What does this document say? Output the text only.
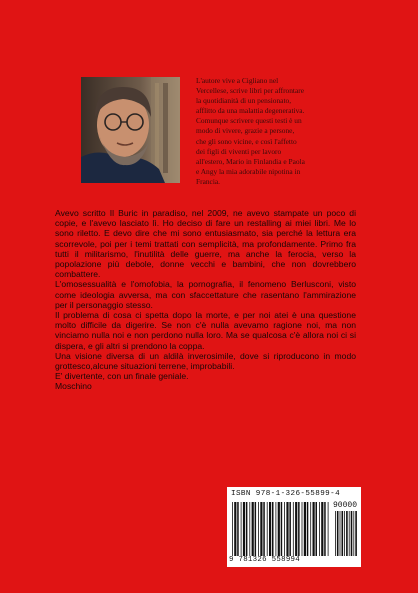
L'autore vive a Cigliano nel Vercellese, scrive libri per affrontare la quotidianità di un pensionato, afflitto da una malattia degenerativa. Comunque scrivere questi testi è un modo di vivere, grazie a persone, che gli sono vicine, e così l'affetto dei figli di viventi per lavoro all'estero, Mario in Finlandia e Paola e Angy la mia adorabile nipotina in Francia.

Avevo scritto Il Buric in paradiso, nel 2009, ne avevo stampate un poco di copie, e l'avevo lasciato lì. Ho deciso di fare un restalling ai miei libri. Me lo sono riletto. E devo dire che mi sono entusiasmato, sia perché la lettura era scorrevole, poi per i temi trattati con semplicità, ma profondamente. Primo fra tutti il militarismo, l'inutilità delle guerre, ma anche la ferocia, verso la popolazione più debole, donne vecchi e bambini, che non dovrebbero combattere.

L'omosessualità e l'omofobia, la pornografia, il fenomeno Berlusconi, visto come ideologia avversa, ma con sfaccettature che rasentano l'ammirazione per il personaggio stesso.

Il problema di cosa ci spetta dopo la morte, e per noi atei è una questione molto difficile da digerire. Se non c'è nulla avevamo ragione noi, ma non vinciamo nulla noi e non perdono nulla loro. Ma se qualcosa c'è allora noi ci si dispera, e gli altri si prendono la coppa.

Una visione diversa di un aldilà inverosimile, dove si riproducono in modo grottesco,alcune situazioni terrene, improbabili.

E' divertente, con un finale geniale.

Moschino

ISBN 978-1-326-55899-4
90000
9 781326 558994
